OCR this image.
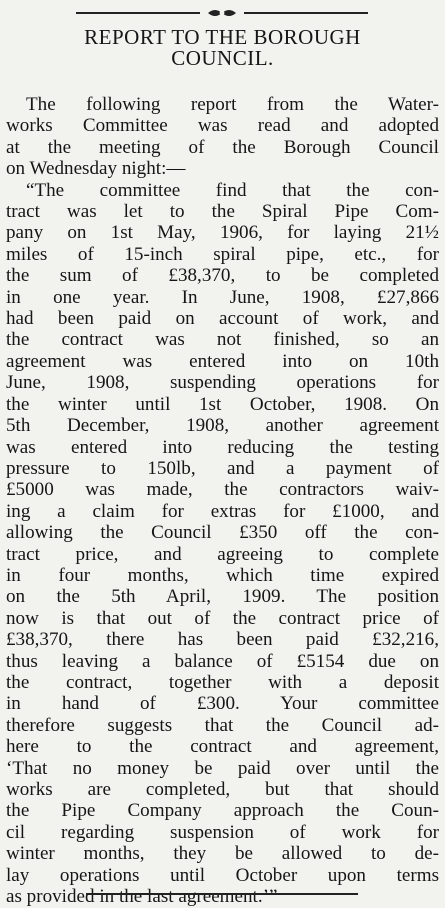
REPORT TO THE BOROUGH
COUNCIL.
The following report from the Water-
works Committee was read and adopted
at the meeting of the Borough Council
on Wednesday night:—
“The committee find that the con-
tract was let to the Spiral Pipe Com-
pany on 1st May, 1906, for laying 21½
miles of 15-inch spiral pipe, etc., for
the sum of £38,370, to be completed
in one year. In June, 1908, £27,866
had been paid on account of work, and
the contract was not finished, so an
agreement was entered into on 10th
June, 1908, suspending operations for
the winter until 1st October, 1908. On
5th December, 1908, another agreement
was entered into reducing the testing
pressure to 150lb, and a payment of
£5000 was made, the contractors waiv-
ing a claim for extras for £1000, and
allowing the Council £350 off the con-
tract price, and agreeing to complete
in four months, which time expired
on the 5th April, 1909. The position
now is that out of the contract price of
£38,370, there has been paid £32,216,
thus leaving a balance of £5154 due on
the contract, together with a deposit
in hand of £300. Your committee
therefore suggests that the Council ad-
here to the contract and agreement,
‘That no money be paid over until the
works are completed, but that should
the Pipe Company approach the Coun-
cil regarding suspension of work for
winter months, they be allowed to de-
lay operations until October upon terms
as provided in the last agreement.’”
